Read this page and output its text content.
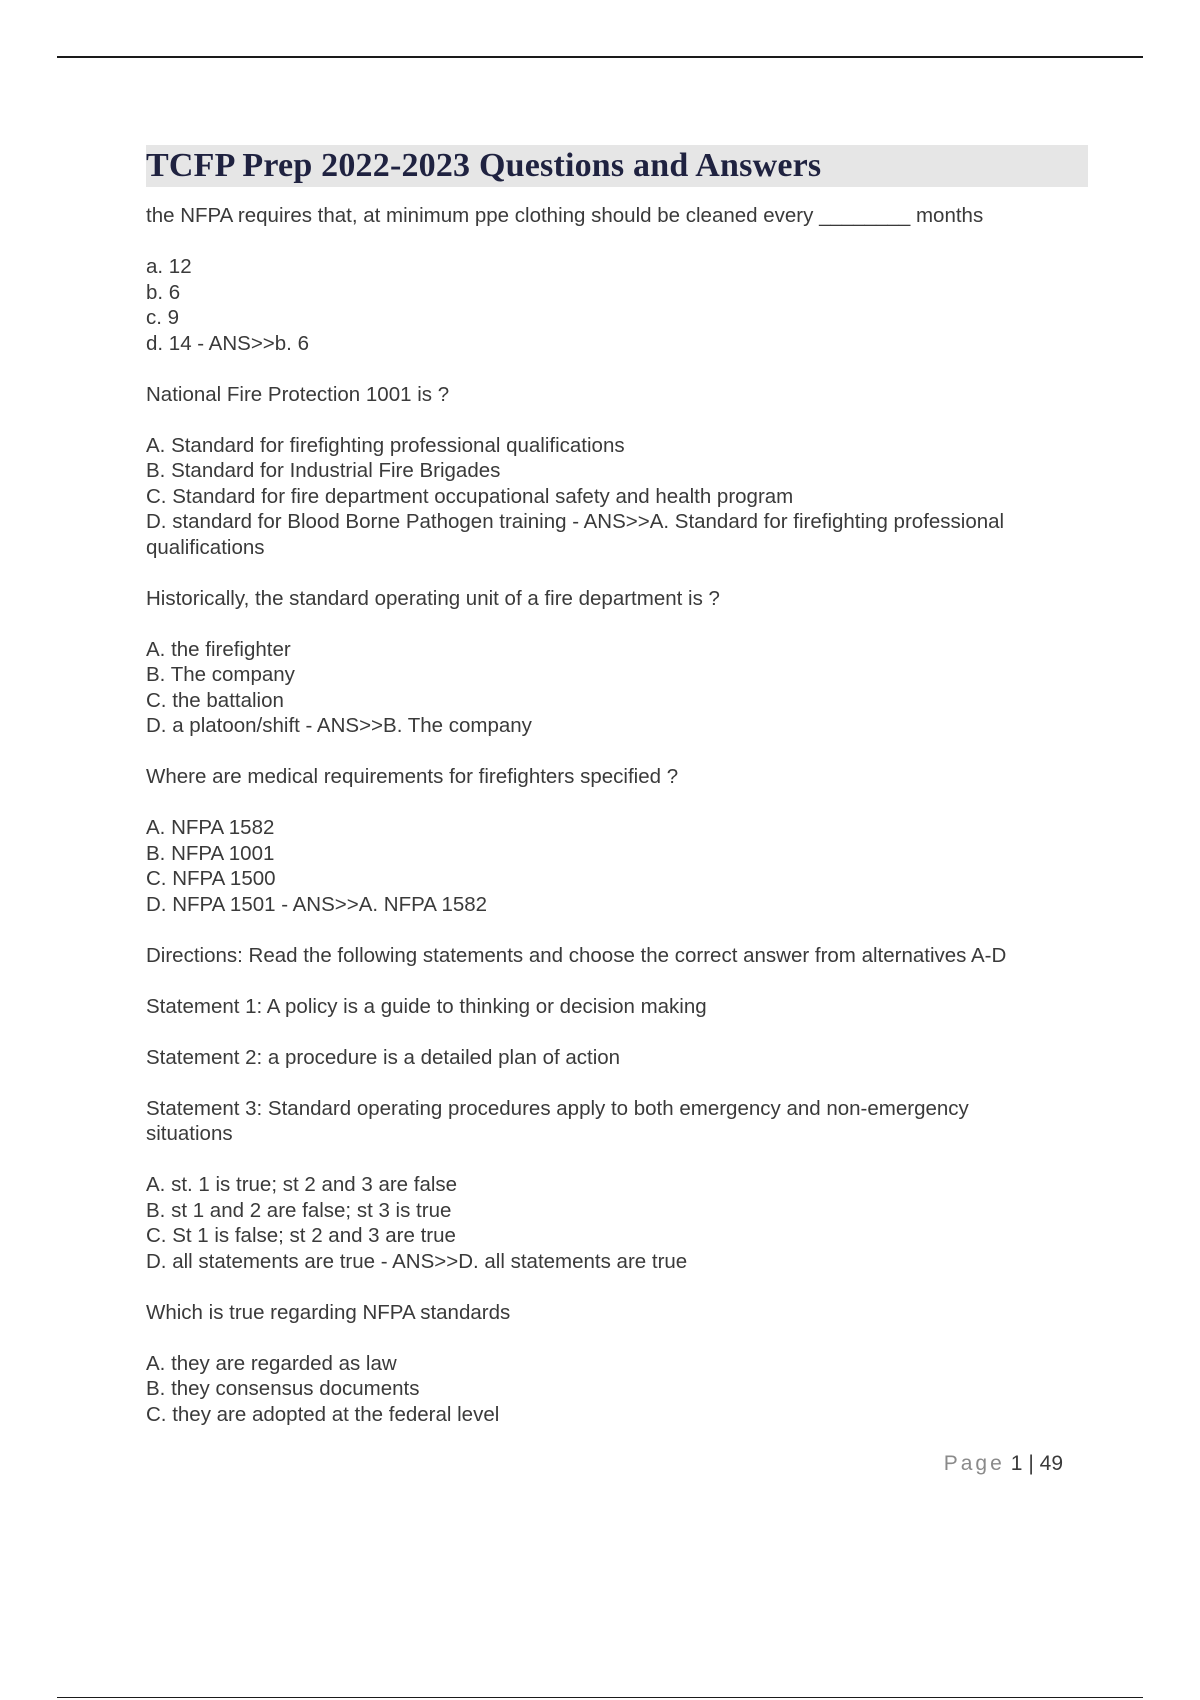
TCFP Prep 2022-2023 Questions and Answers

the NFPA requires that, at minimum ppe clothing should be cleaned every ________ months

a. 12

b. 6

c. 9

d. 14 - ANS>>b. 6

National Fire Protection 1001 is ?

A. Standard for firefighting professional qualifications

B. Standard for Industrial Fire Brigades

C. Standard for fire department occupational safety and health program

D. standard for Blood Borne Pathogen training - ANS>>A. Standard for firefighting professional

qualifications

Historically, the standard operating unit of a fire department is ?

A. the firefighter

B. The company

C. the battalion

D. a platoon/shift - ANS>>B. The company

Where are medical requirements for firefighters specified ?

A. NFPA 1582

B. NFPA 1001

C. NFPA 1500

D. NFPA 1501 - ANS>>A. NFPA 1582

Directions: Read the following statements and choose the correct answer from alternatives A-D

Statement 1: A policy is a guide to thinking or decision making

Statement 2: a procedure is a detailed plan of action

Statement 3: Standard operating procedures apply to both emergency and non-emergency

situations

A. st. 1 is true; st 2 and 3 are false

B. st 1 and 2 are false; st 3 is true

C. St 1 is false; st 2 and 3 are true

D. all statements are true - ANS>>D. all statements are true

Which is true regarding NFPA standards

A. they are regarded as law

B. they consensus documents

C. they are adopted at the federal level

Page 1 | 49
